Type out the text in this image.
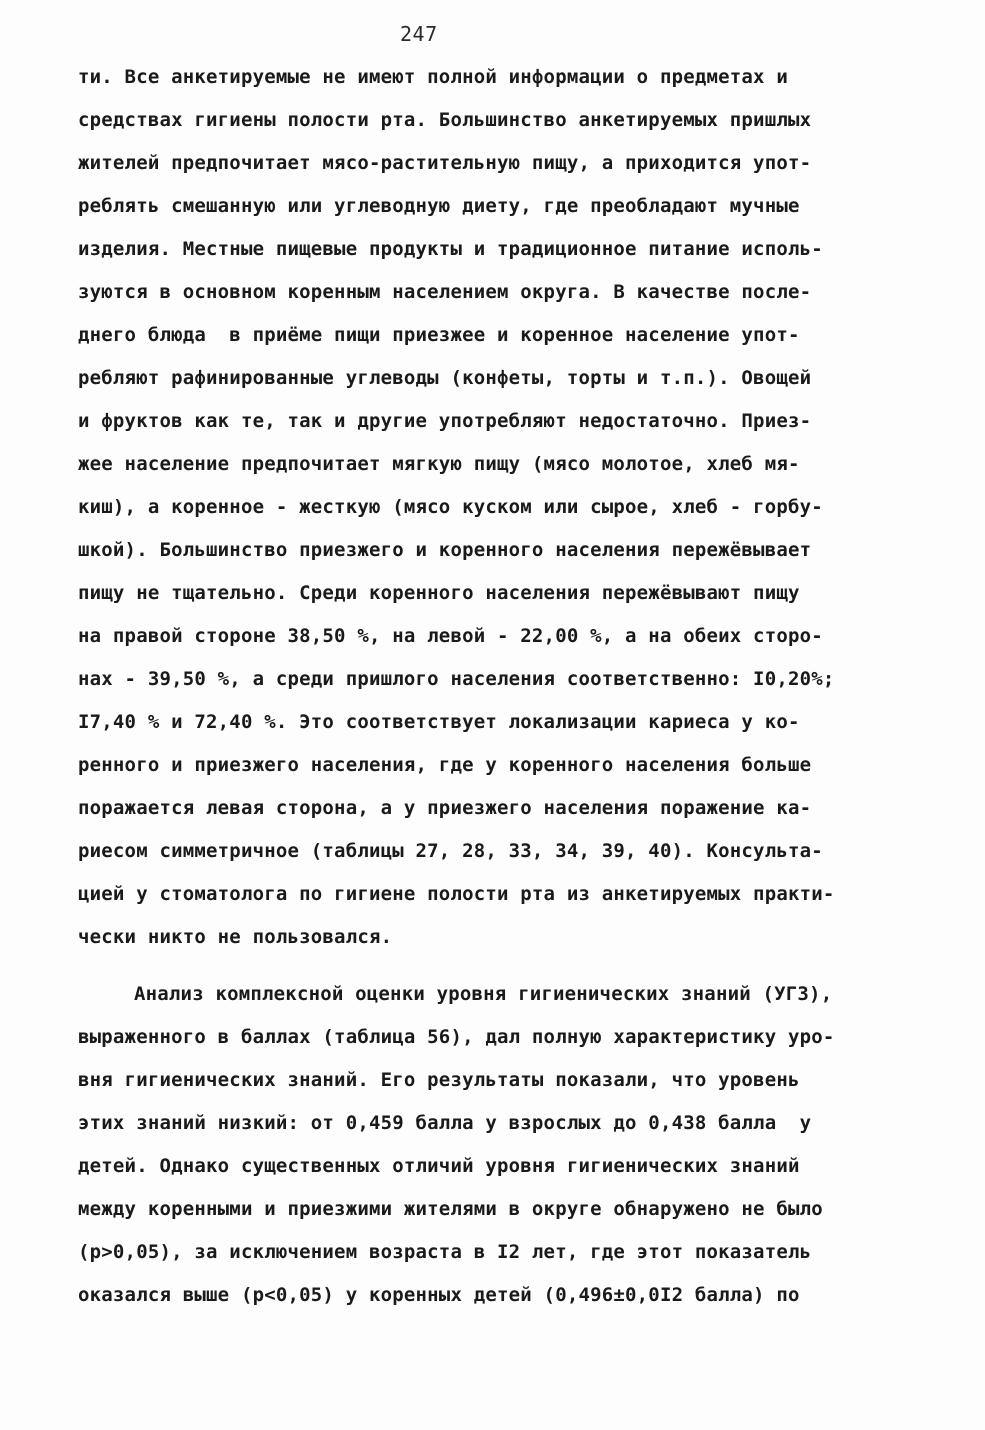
247
ти. Все анкетируемые не имеют полной информации о предметах и
средствах гигиены полости рта. Большинство анкетируемых пришлых
жителей предпочитает мясо-растительную пищу, а приходится упот-
реблять смешанную или углеводную диету, где преобладают мучные
изделия. Местные пищевые продукты и традиционное питание исполь-
зуются в основном коренным населением округа. В качестве после-
днего блюда  в приёме пищи приезжее и коренное население упот-
ребляют рафинированные углеводы (конфеты, торты и т.п.). Овощей
и фруктов как те, так и другие употребляют недостаточно. Приез-
жее население предпочитает мягкую пищу (мясо молотое, хлеб мя-
киш), а коренное - жесткую (мясо куском или сырое, хлеб - горбу-
шкой). Большинство приезжего и коренного населения пережёвывает
пищу не тщательно. Среди коренного населения пережёвывают пищу
на правой стороне 38,50 %, на левой - 22,00 %, а на обеих сторо-
нах - 39,50 %, а среди пришлого населения соответственно: I0,20%;
I7,40 % и 72,40 %. Это соответствует локализации кариеса у ко-
ренного и приезжего населения, где у коренного населения больше
поражается левая сторона, а у приезжего населения поражение ка-
риесом симметричное (таблицы 27, 28, 33, 34, 39, 40). Консульта-
цией у стоматолога по гигиене полости рта из анкетируемых практи-
чески никто не пользовался.
Анализ комплексной оценки уровня гигиенических знаний (УГЗ),
выраженного в баллах (таблица 56), дал полную характеристику уро-
вня гигиенических знаний. Его результаты показали, что уровень
этих знаний низкий: от 0,459 балла у взрослых до 0,438 балла  у
детей. Однако существенных отличий уровня гигиенических знаний
между коренными и приезжими жителями в округе обнаружено не было
(p>0,05), за исключением возраста в I2 лет, где этот показатель
оказался выше (p<0,05) у коренных детей (0,496±0,0I2 балла) по
